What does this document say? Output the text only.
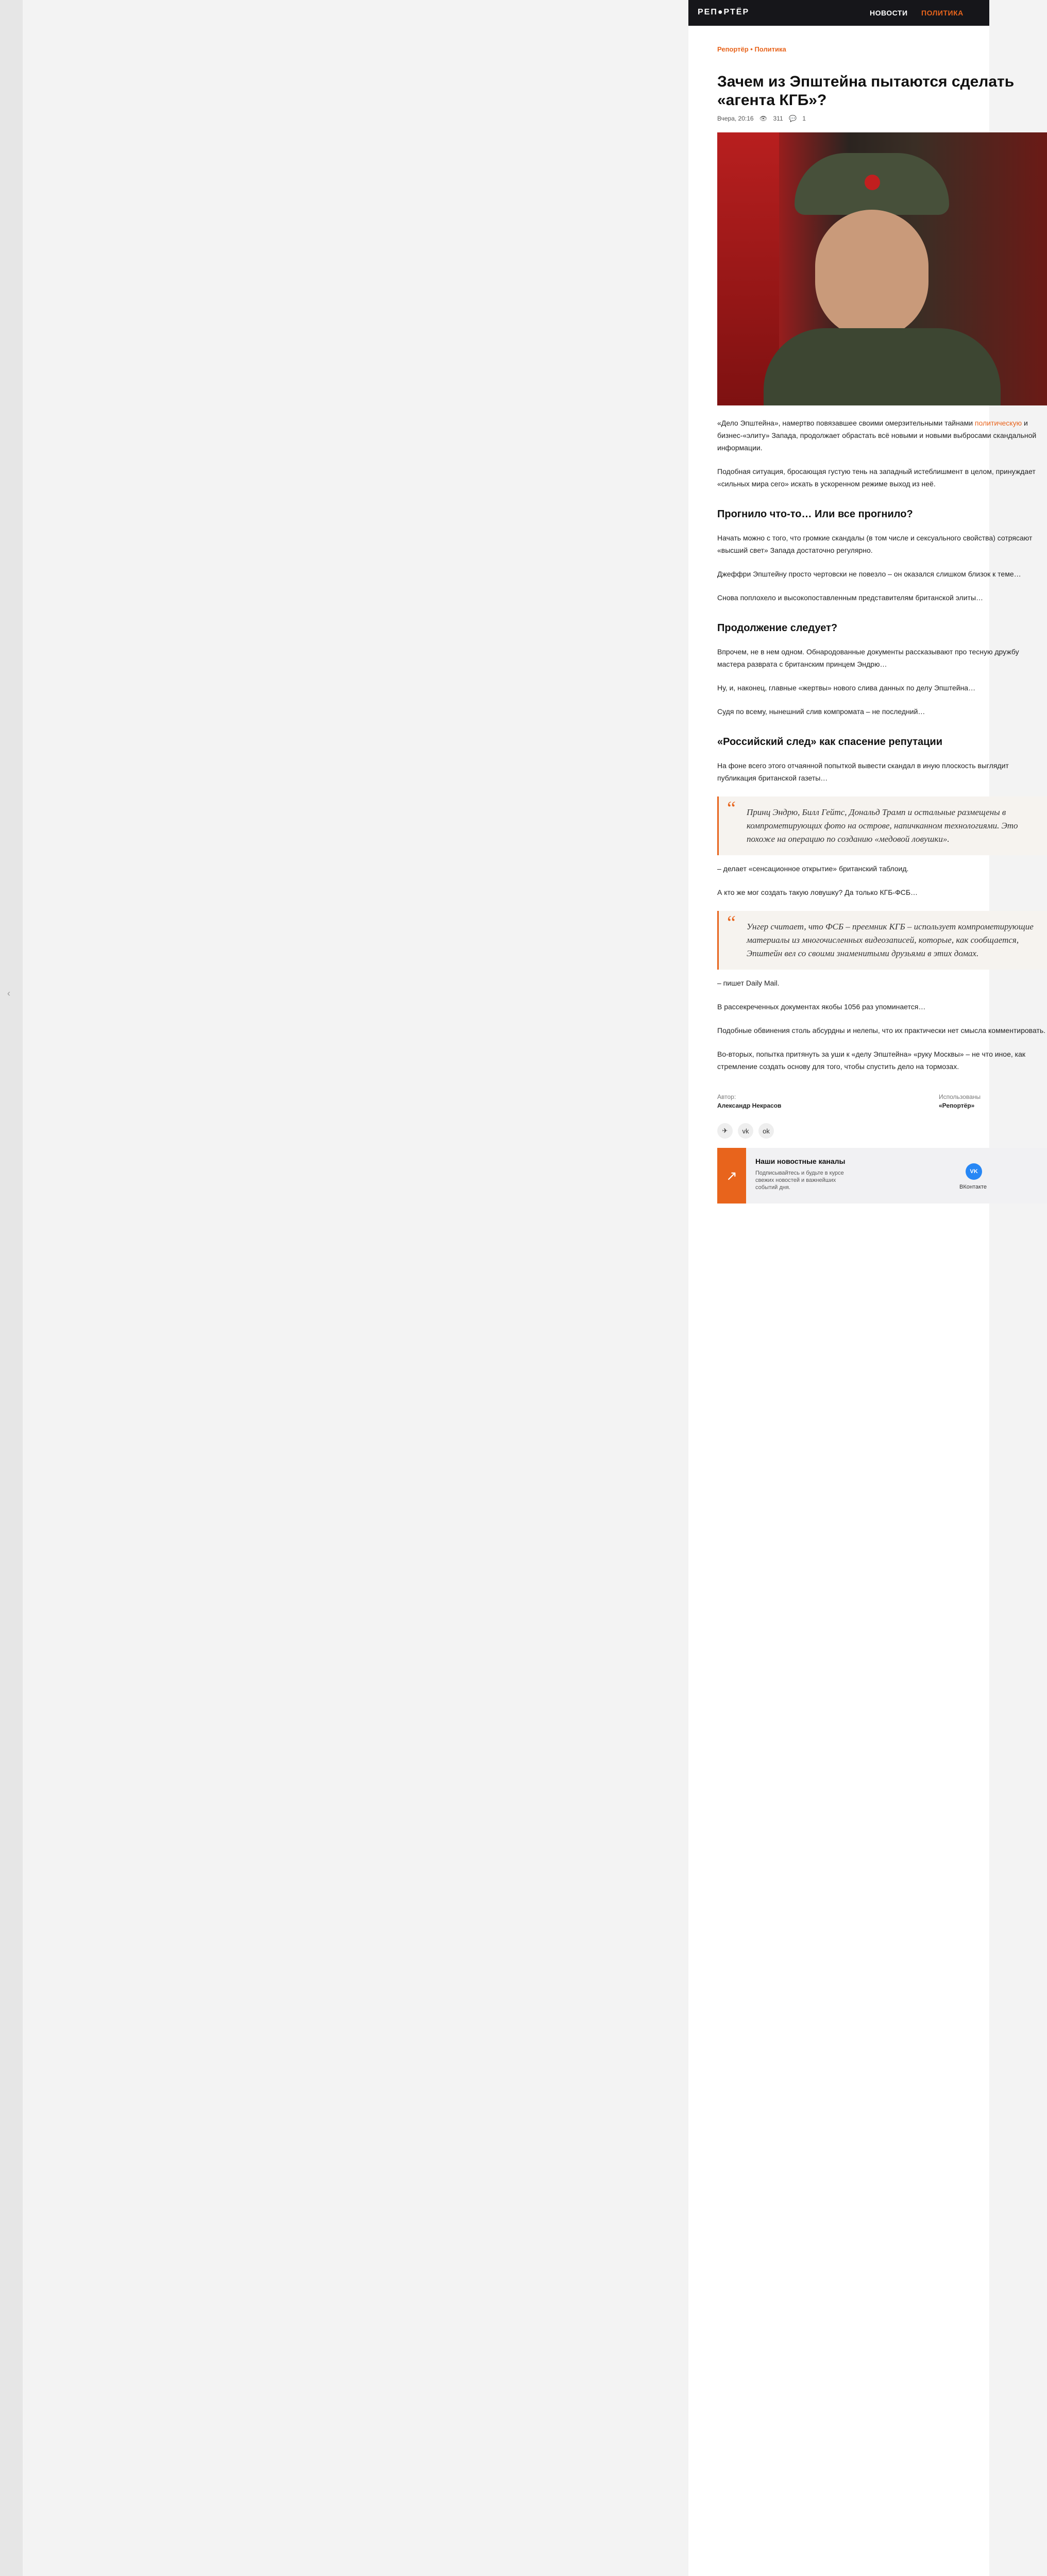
‹
РЕП●РТЁР	НОВОСТИ ПОЛИТИКА
Репортёр • Политика
Зачем из Эпштейна пытаются сделать «агента КГБ»?
Вчера, 20:16 👁 311 💬 1

«Дело Эпштейна», намертво повязавшее своими омерзительными тайнами политическую и бизнес-«элиту» Запада, продолжает обрастать всё новыми и новыми выбросами скандальной информации.

Подобная ситуация, бросающая густую тень на западный истеблишмент в целом, принуждает «сильных мира сего» искать в ускоренном режиме выход из неё.

Прогнило что-то… Или все прогнило?

Начать можно с того, что громкие скандалы (в том числе и сексуального свойства) сотрясают «высший свет» Запада достаточно регулярно.

Джеффри Эпштейну просто чертовски не повезло – он оказался слишком близок к теме…

Снова поплохело и высокопоставленным представителям британской элиты…

Продолжение следует?

Впрочем, не в нем одном. Обнародованные документы рассказывают про тесную дружбу мастера разврата с британским принцем Эндрю…

Ну, и, наконец, главные «жертвы» нового слива данных по делу Эпштейна…

Судя по всему, нынешний слив компромата – не последний…

«Российский след» как спасение репутации

На фоне всего этого отчаянной попыткой вывести скандал в иную плоскость выглядит публикация британской газеты…

“ Принц Эндрю, Билл Гейтс, Дональд Трамп и остальные размещены в компрометирующих фото на острове, напичканном технологиями. Это похоже на операцию по созданию «медовой ловушки».

– делает «сенсационное открытие» британский таблоид.

А кто же мог создать такую ловушку? Да только КГБ-ФСБ…

“ Унгер считает, что ФСБ – преемник КГБ – использует компрометирующие материалы из многочисленных видеозаписей, которые, как сообщается, Эпштейн вел со своими знаменитыми друзьями в этих домах.

– пишет Daily Mail.

В рассекреченных документах якобы 1056 раз упоминается…

Подобные обвинения столь абсурдны и нелепы, что их практически нет смысла комментировать.

Во-вторых, попытка притянуть за уши к «делу Эпштейна» «руку Москвы» – не что иное, как стремление создать основу для того, чтобы спустить дело на тормозах.

Автор:
Александр Некрасов
Использованы
«Репортёр»
✈	vk	ok
↗
Наши новостные каналы
Подписывайтесь и будьте в курсе свежих новостей и важнейших событий дня.
VK
ВКонтакте
